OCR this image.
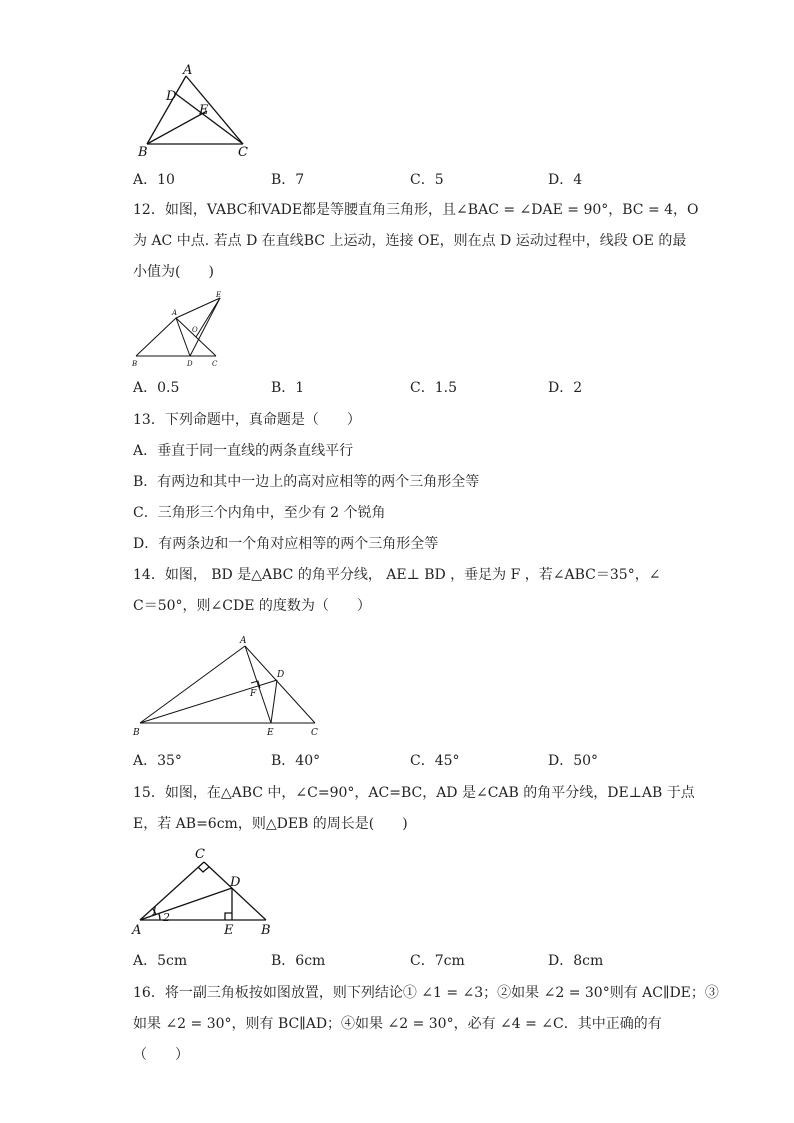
A
D
E
B	C
A．10	B．7	C．5	D．4
12．如图，VABC和VADE都是等腰直角三角形，且∠BAC = ∠DAE = 90°，BC = 4，O
为 AC 中点. 若点 D 在直线BC 上运动，连接 OE，则在点 D 运动过程中，线段 OE 的最
小值为(　　)
A
E
O
B	D	C
A．0.5	B．1	C．1.5	D．2
13．下列命题中，真命题是（　　）
A．垂直于同一直线的两条直线平行
B．有两边和其中一边上的高对应相等的两个三角形全等
C．三角形三个内角中，至少有 2 个锐角
D．有两条边和一个角对应相等的两个三角形全等
14．如图， BD 是△ABC 的角平分线， AE⊥ BD ，垂足为 F ，若∠ABC＝35°，∠
C＝50°，则∠CDE 的度数为（　　）
A
D
F
B	E	C
A．35°	B．40°	C．45°	D．50°
15．如图，在△ABC 中，∠C=90°，AC=BC，AD 是∠CAB 的角平分线，DE⊥AB 于点
E，若 AB=6cm，则△DEB 的周长是(　　)
C
D
1 2
A	E B
A．5cm	B．6cm	C．7cm	D．8cm
16．将一副三角板按如图放置，则下列结论① ∠1 = ∠3；②如果 ∠2 = 30°则有 AC∥DE；③
如果 ∠2 = 30°，则有 BC∥AD；④如果 ∠2 = 30°，必有 ∠4 = ∠C．其中正确的有
（　　）
